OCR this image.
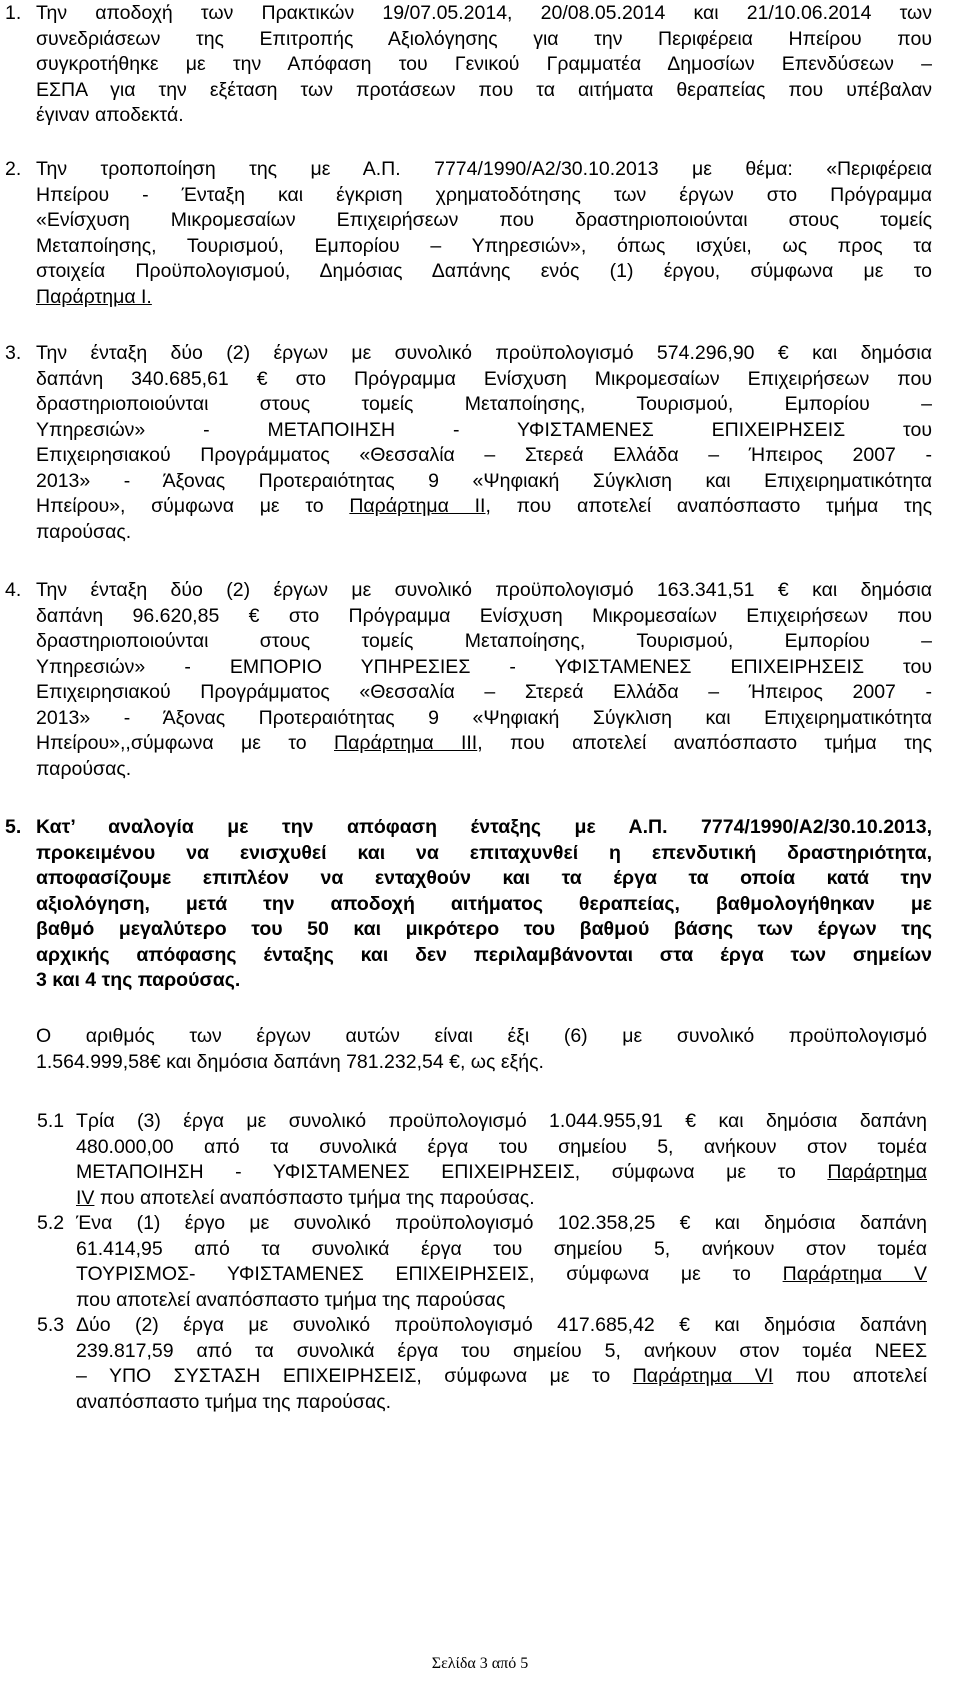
1. Την αποδοχή των Πρακτικών 19/07.05.2014, 20/08.05.2014 και 21/10.06.2014 των
συνεδριάσεων της Επιτροπής Αξιολόγησης για την Περιφέρεια Ηπείρου που
συγκροτήθηκε με την Απόφαση του Γενικού Γραμματέα Δημοσίων Επενδύσεων –
ΕΣΠΑ για την εξέταση των προτάσεων που τα αιτήματα θεραπείας που υπέβαλαν
έγιναν αποδεκτά.
2. Την τροποποίηση της με Α.Π. 7774/1990/Α2/30.10.2013 με θέμα: «Περιφέρεια
Ηπείρου - Ένταξη και έγκριση χρηματοδότησης των έργων στο Πρόγραμμα
«Ενίσχυση Μικρομεσαίων Επιχειρήσεων που δραστηριοποιούνται στους τομείς
Μεταποίησης, Τουρισμού, Εμπορίου – Υπηρεσιών», όπως ισχύει, ως προς τα
στοιχεία Προϋπολογισμού, Δημόσιας Δαπάνης ενός (1) έργου, σύμφωνα με το
Παράρτημα Ι.
3. Την ένταξη δύο (2) έργων με συνολικό προϋπολογισμό 574.296,90 € και δημόσια
δαπάνη 340.685,61 € στο Πρόγραμμα Ενίσχυση Μικρομεσαίων Επιχειρήσεων που
δραστηριοποιούνται στους τομείς Μεταποίησης, Τουρισμού, Εμπορίου –
Υπηρεσιών» - ΜΕΤΑΠΟΙΗΣΗ - ΥΦΙΣΤΑΜΕΝΕΣ ΕΠΙΧΕΙΡΗΣΕΙΣ του
Επιχειρησιακού Προγράμματος «Θεσσαλία – Στερεά Ελλάδα – Ήπειρος 2007 -
2013» - Άξονας Προτεραιότητας 9 «Ψηφιακή Σύγκλιση και Επιχειρηματικότητα
Ηπείρου», σύμφωνα με το Παράρτημα ΙΙ, που αποτελεί αναπόσπαστο τμήμα της
παρούσας.
4. Την ένταξη δύο (2) έργων με συνολικό προϋπολογισμό 163.341,51 € και δημόσια
δαπάνη 96.620,85 € στο Πρόγραμμα Ενίσχυση Μικρομεσαίων Επιχειρήσεων που
δραστηριοποιούνται στους τομείς Μεταποίησης, Τουρισμού, Εμπορίου –
Υπηρεσιών» - ΕΜΠΟΡΙΟ ΥΠΗΡΕΣΙΕΣ - ΥΦΙΣΤΑΜΕΝΕΣ ΕΠΙΧΕΙΡΗΣΕΙΣ του
Επιχειρησιακού Προγράμματος «Θεσσαλία – Στερεά Ελλάδα – Ήπειρος 2007 -
2013» - Άξονας Προτεραιότητας 9 «Ψηφιακή Σύγκλιση και Επιχειρηματικότητα
Ηπείρου»,,σύμφωνα με το Παράρτημα ΙΙΙ, που αποτελεί αναπόσπαστο τμήμα της
παρούσας.
5. Κατ’ αναλογία με την απόφαση ένταξης με Α.Π. 7774/1990/Α2/30.10.2013,
προκειμένου να ενισχυθεί και να επιταχυνθεί η επενδυτική δραστηριότητα,
αποφασίζουμε επιπλέον να ενταχθούν και τα έργα τα οποία κατά την
αξιολόγηση, μετά την αποδοχή αιτήματος θεραπείας, βαθμολογήθηκαν με
βαθμό μεγαλύτερο του 50 και μικρότερο του βαθμού βάσης των έργων της
αρχικής απόφασης ένταξης και δεν περιλαμβάνονται στα έργα των σημείων
3 και 4 της παρούσας.
Ο αριθμός των έργων αυτών είναι έξι (6) με συνολικό προϋπολογισμό
1.564.999,58€ και δημόσια δαπάνη 781.232,54 €, ως εξής.
5.1 Τρία (3) έργα με συνολικό προϋπολογισμό 1.044.955,91 € και δημόσια δαπάνη
480.000,00 από τα συνολικά έργα του σημείου 5, ανήκουν στον τομέα
ΜΕΤΑΠΟΙΗΣΗ - ΥΦΙΣΤΑΜΕΝΕΣ ΕΠΙΧΕΙΡΗΣΕΙΣ, σύμφωνα με το Παράρτημα
ΙV που αποτελεί αναπόσπαστο τμήμα της παρούσας.
5.2 Ένα (1) έργο με συνολικό προϋπολογισμό 102.358,25 € και δημόσια δαπάνη
61.414,95 από τα συνολικά έργα του σημείου 5, ανήκουν στον τομέα
ΤΟΥΡΙΣΜΟΣ- ΥΦΙΣΤΑΜΕΝΕΣ ΕΠΙΧΕΙΡΗΣΕΙΣ, σύμφωνα με το Παράρτημα V
που αποτελεί αναπόσπαστο τμήμα της παρούσας
5.3 Δύο (2) έργα με συνολικό προϋπολογισμό 417.685,42 € και δημόσια δαπάνη
239.817,59 από τα συνολικά έργα του σημείου 5, ανήκουν στον τομέα ΝΕΕΣ
– ΥΠΟ ΣΥΣΤΑΣΗ ΕΠΙΧΕΙΡΗΣΕΙΣ, σύμφωνα με το Παράρτημα VI που αποτελεί
αναπόσπαστο τμήμα της παρούσας.
Σελίδα 3 από 5
